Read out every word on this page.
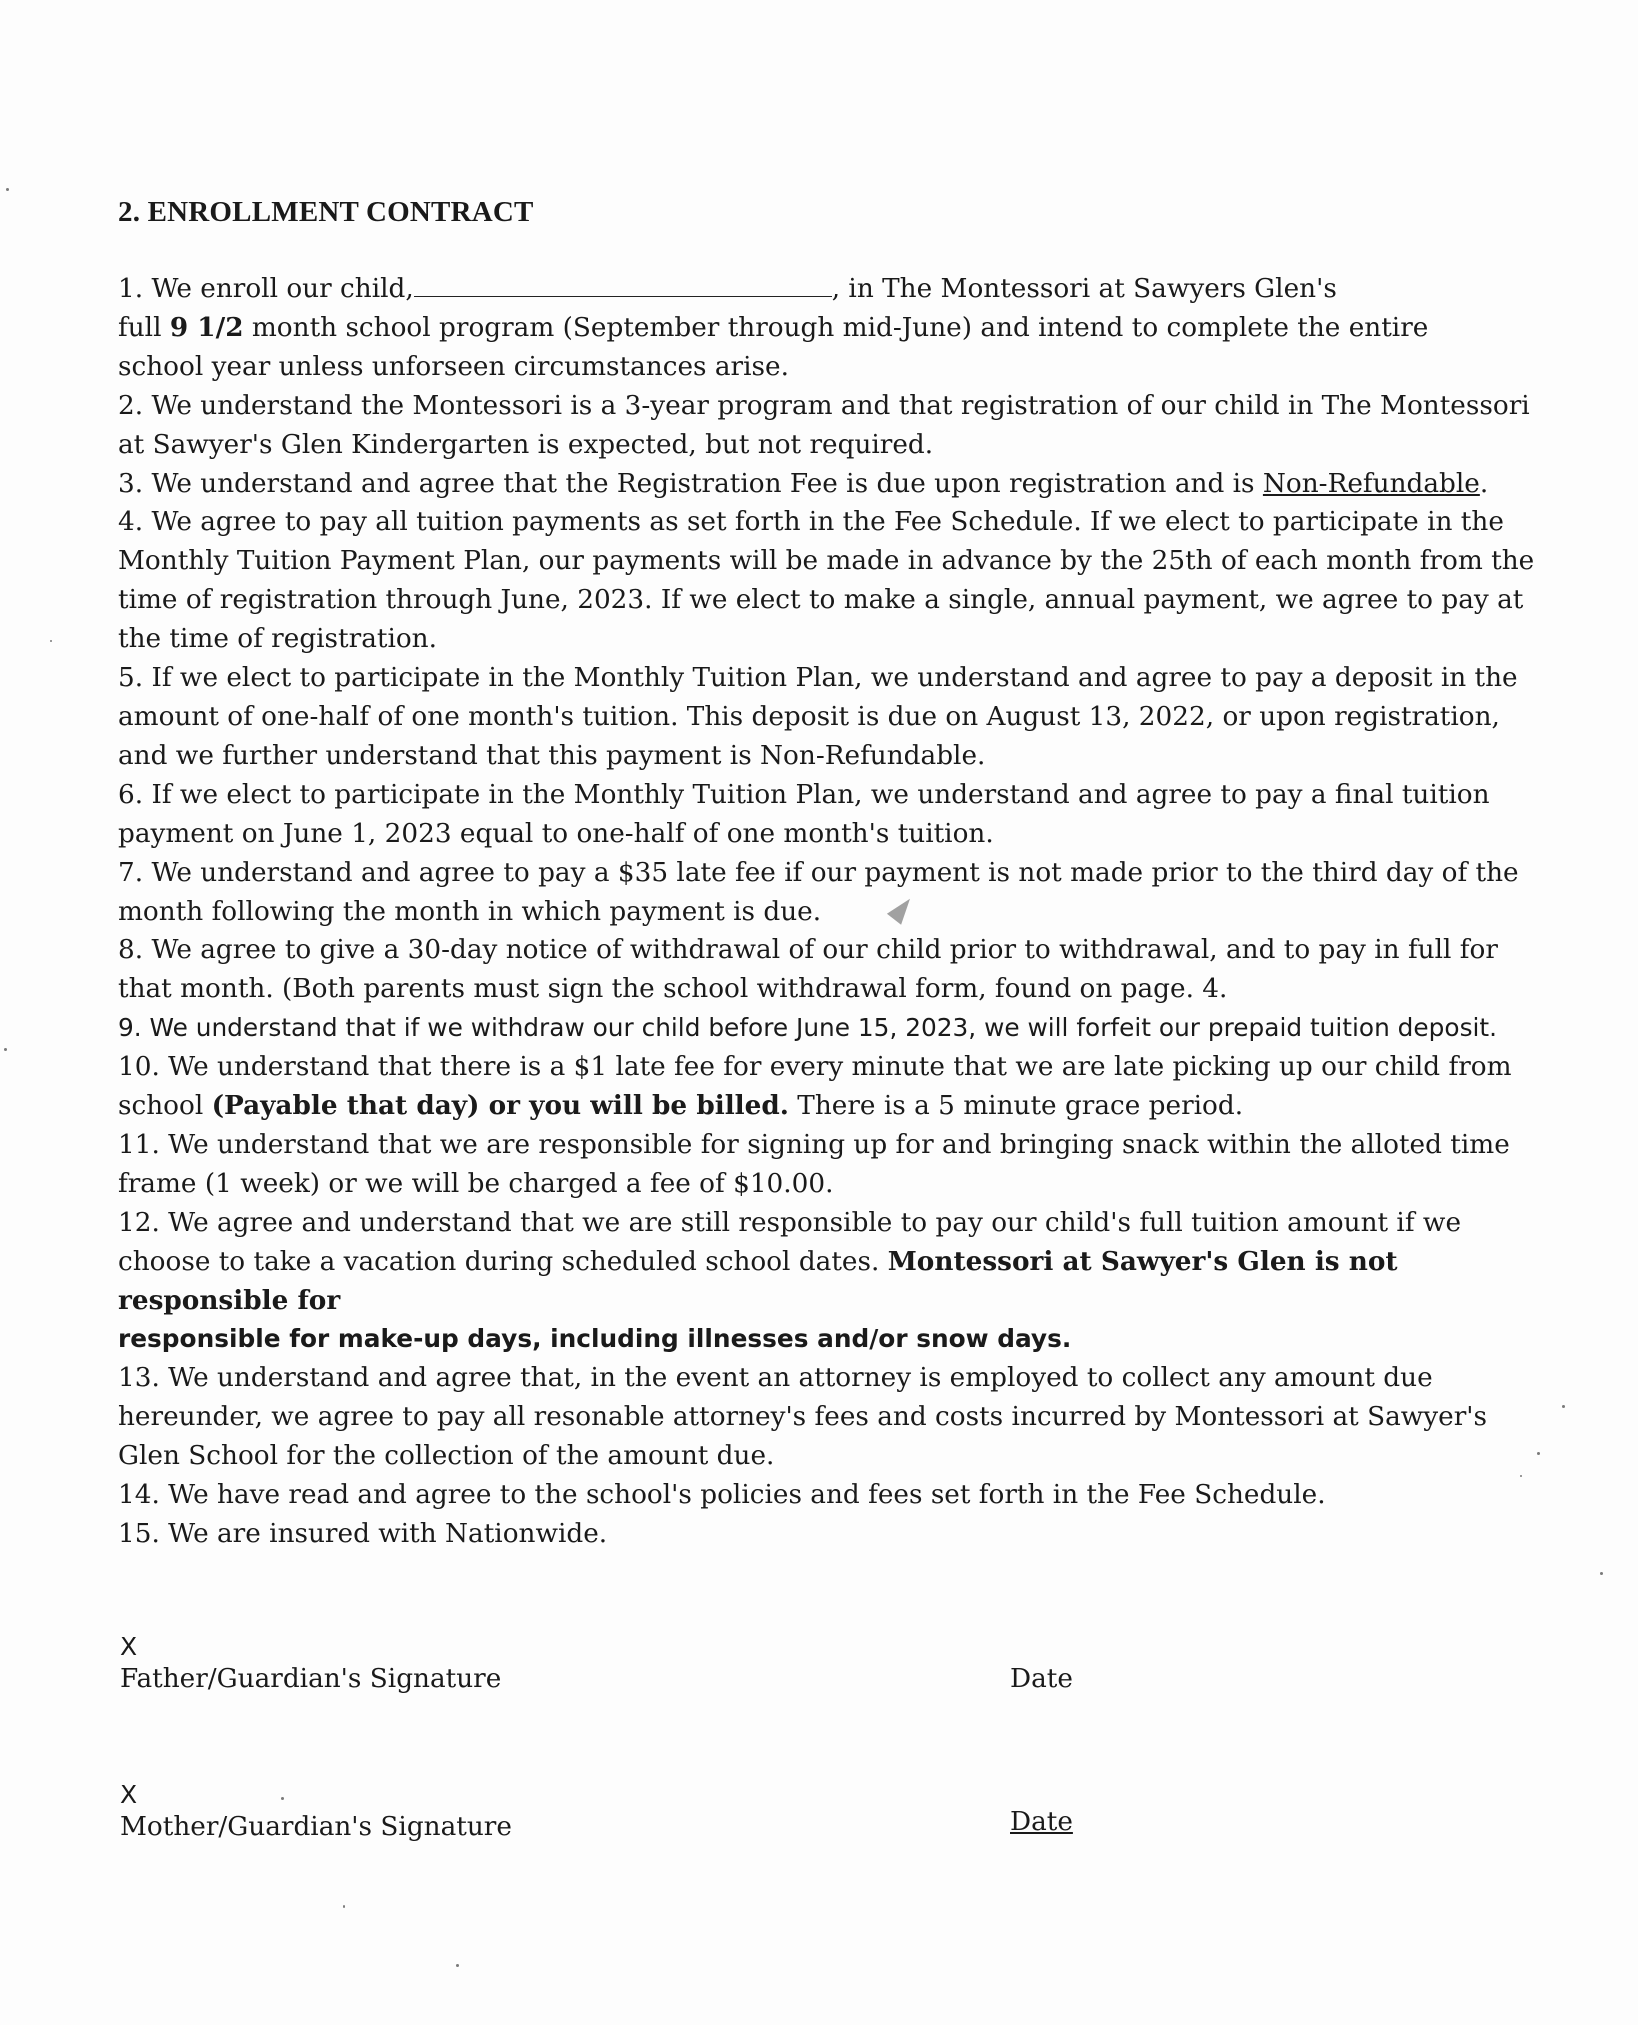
2. ENROLLMENT CONTRACT

1. We enroll our child,	, in The Montessori at Sawyers Glen's
full 9 1/2 month school program (September through mid-June) and intend to complete the entire
school year unless unforseen circumstances arise.

2. We understand the Montessori is a 3-year program and that registration of our child in The Montessori at Sawyer's Glen Kindergarten is expected, but not required.

3. We understand and agree that the Registration Fee is due upon registration and is Non-Refundable.

4. We agree to pay all tuition payments as set forth in the Fee Schedule. If we elect to participate in the Monthly Tuition Payment Plan, our payments will be made in advance by the 25th of each month from the time of registration through June, 2023. If we elect to make a single, annual payment, we agree to pay at the time of registration.

5. If we elect to participate in the Monthly Tuition Plan, we understand and agree to pay a deposit in the amount of one-half of one month's tuition. This deposit is due on August 13, 2022, or upon registration, and we further understand that this payment is Non-Refundable.

6. If we elect to participate in the Monthly Tuition Plan, we understand and agree to pay a final tuition payment on June 1, 2023 equal to one-half of one month's tuition.

7. We understand and agree to pay a $35 late fee if our payment is not made prior to the third day of the month following the month in which payment is due.

8. We agree to give a 30-day notice of withdrawal of our child prior to withdrawal, and to pay in full for that month. (Both parents must sign the school withdrawal form, found on page. 4.

9. We understand that if we withdraw our child before June 15, 2023, we will forfeit our prepaid tuition deposit.

10. We understand that there is a $1 late fee for every minute that we are late picking up our child from school (Payable that day) or you will be billed. There is a 5 minute grace period.

11. We understand that we are responsible for signing up for and bringing snack within the alloted time frame (1 week) or we will be charged a fee of $10.00.

12. We agree and understand that we are still responsible to pay our child's full tuition amount if we choose to take a vacation during scheduled school dates. Montessori at Sawyer's Glen is not responsible for
responsible for make-up days, including illnesses and/or snow days.

13. We understand and agree that, in the event an attorney is employed to collect any amount due hereunder, we agree to pay all resonable attorney's fees and costs incurred by Montessori at Sawyer's Glen School for the collection of the amount due.

14. We have read and agree to the school's policies and fees set forth in the Fee Schedule.

15. We are insured with Nationwide.

X
Father/Guardian's Signature	Date
X
Mother/Guardian's Signature	Date
